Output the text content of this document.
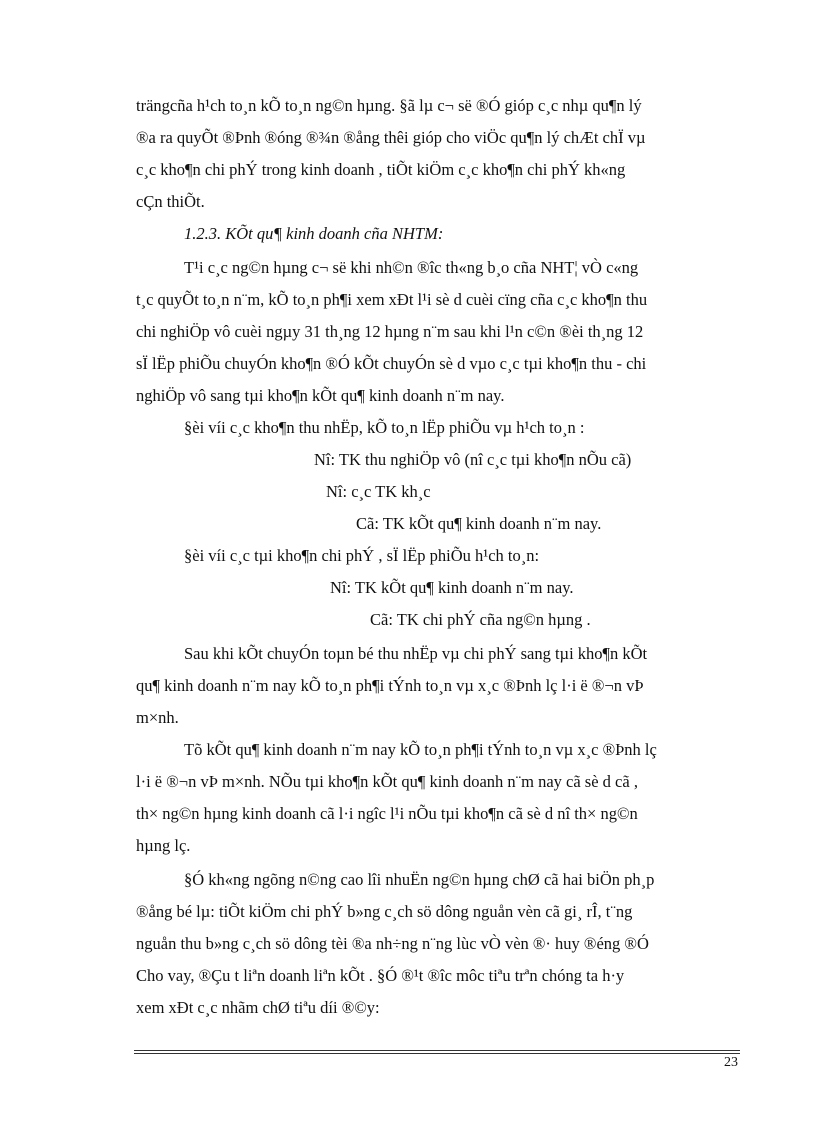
trängcña h¹ch to¸n kÕ to¸n ng©n hµng. §ã lµ c¬ së ®Ó gióp c¸c nhµ qu¶n lý
®a ra quyÕt ®Þnh ®óng ®¾n ®ång thêi gióp cho viÖc qu¶n lý chÆt chÏ vµ
c¸c kho¶n chi phÝ trong kinh doanh , tiÕt kiÖm c¸c kho¶n chi phÝ kh«ng
cÇn thiÕt.
1.2.3. KÕt qu¶ kinh doanh cña NHTM:
T¹i c¸c ng©n hµng c¬ së khi nh©n ®îc th«ng b¸o cña NHT¦ vÒ c«ng
t¸c quyÕt to¸n n¨m, kÕ to¸n ph¶i xem xÐt l¹i sè d cuèi cïng cña c¸c kho¶n thu
chi nghiÖp vô cuèi ngµy 31 th¸ng 12 hµng n¨m sau khi l¹n c©n ®èi th¸ng 12
sÏ lËp phiÕu chuyÓn kho¶n ®Ó kÕt chuyÓn sè d vµo c¸c tµi kho¶n thu - chi
nghiÖp vô sang tµi kho¶n kÕt qu¶ kinh doanh n¨m nay.
§èi víi c¸c kho¶n thu nhËp, kÕ to¸n lËp phiÕu vµ h¹ch to¸n :
Nî: TK thu nghiÖp vô (nî c¸c tµi kho¶n nÕu cã)
Nî: c¸c TK kh¸c
Cã: TK kÕt qu¶ kinh doanh n¨m nay.
§èi víi c¸c tµi kho¶n chi phÝ , sÏ lËp phiÕu h¹ch to¸n:
Nî: TK kÕt qu¶ kinh doanh n¨m nay.
Cã: TK chi phÝ cña ng©n hµng .
Sau khi kÕt chuyÓn toµn bé thu nhËp vµ chi phÝ sang tµi kho¶n kÕt
qu¶ kinh doanh n¨m nay kÕ to¸n ph¶i tÝnh to¸n vµ x¸c ®Þnh lç l·i ë ®¬n vÞ
m×nh.
Tõ kÕt qu¶ kinh doanh n¨m nay kÕ to¸n ph¶i tÝnh to¸n vµ x¸c ®Þnh lç
l·i ë ®¬n vÞ m×nh. NÕu tµi kho¶n kÕt qu¶ kinh doanh n¨m nay cã sè d cã ,
th× ng©n hµng kinh doanh cã l·i ngîc l¹i nÕu tµi kho¶n cã sè d nî th× ng©n
hµng lç.
§Ó kh«ng ngõng n©ng cao lîi nhuËn ng©n hµng chØ cã hai biÖn ph¸p
®ång bé lµ: tiÕt kiÖm chi phÝ b»ng c¸ch sö dông nguån vèn cã gi¸ rÎ, t¨ng
nguån thu b»ng c¸ch sö dông tèi ®a nh÷ng n¨ng lùc vÒ vèn ®· huy ®éng ®Ó
Cho vay, ®Çu t liªn doanh liªn kÕt . §Ó ®¹t ®îc môc tiªu trªn chóng ta h·y
xem xÐt c¸c nhãm chØ tiªu díi ®©y:
23
